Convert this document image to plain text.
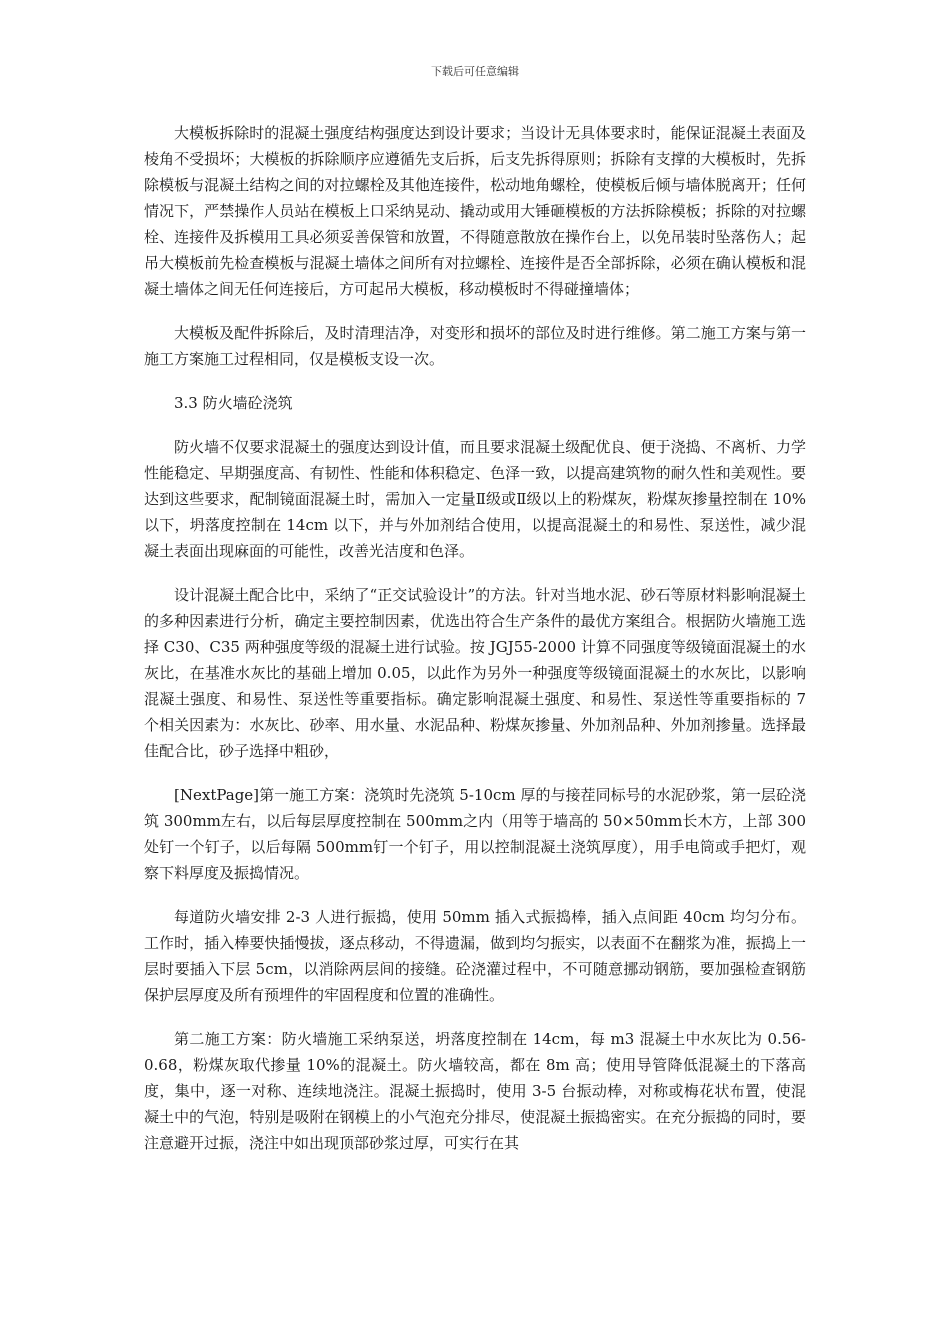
下载后可任意编辑

大模板拆除时的混凝土强度结构强度达到设计要求；当设计无具体要求时，能保证混凝土表面及棱角不受损坏；大模板的拆除顺序应遵循先支后拆，后支先拆得原则；拆除有支撑的大模板时，先拆除模板与混凝土结构之间的对拉螺栓及其他连接件，松动地角螺栓，使模板后倾与墙体脱离开；任何情况下，严禁操作人员站在模板上口采纳晃动、撬动或用大锤砸模板的方法拆除模板；拆除的对拉螺栓、连接件及拆模用工具必须妥善保管和放置，不得随意散放在操作台上，以免吊装时坠落伤人；起吊大模板前先检查模板与混凝土墙体之间所有对拉螺栓、连接件是否全部拆除，必须在确认模板和混凝土墙体之间无任何连接后，方可起吊大模板，移动模板时不得碰撞墙体；

大模板及配件拆除后，及时清理洁净，对变形和损坏的部位及时进行维修。第二施工方案与第一施工方案施工过程相同，仅是模板支设一次。

3.3 防火墙砼浇筑

防火墙不仅要求混凝土的强度达到设计值，而且要求混凝土级配优良、便于浇捣、不离析、力学性能稳定、早期强度高、有韧性、性能和体积稳定、色泽一致，以提高建筑物的耐久性和美观性。要达到这些要求，配制镜面混凝土时，需加入一定量Ⅱ级或Ⅱ级以上的粉煤灰，粉煤灰掺量控制在 10%以下，坍落度控制在 14cm 以下，并与外加剂结合使用，以提高混凝土的和易性、泵送性，减少混凝土表面出现麻面的可能性，改善光洁度和色泽。

设计混凝土配合比中，采纳了“正交试验设计”的方法。针对当地水泥、砂石等原材料影响混凝土的多种因素进行分析，确定主要控制因素，优选出符合生产条件的最优方案组合。根据防火墙施工选择 C30、C35 两种强度等级的混凝土进行试验。按 JGJ55-2000 计算不同强度等级镜面混凝土的水灰比，在基准水灰比的基础上增加 0.05，以此作为另外一种强度等级镜面混凝土的水灰比，以影响混凝土强度、和易性、泵送性等重要指标。确定影响混凝土强度、和易性、泵送性等重要指标的 7 个相关因素为：水灰比、砂率、用水量、水泥品种、粉煤灰掺量、外加剂品种、外加剂掺量。选择最佳配合比，砂子选择中粗砂，

[NextPage]第一施工方案：浇筑时先浇筑 5-10cm 厚的与接茬同标号的水泥砂浆，第一层砼浇筑 300mm左右，以后每层厚度控制在 500mm之内（用等于墙高的 50×50mm长木方，上部 300 处钉一个钉子，以后每隔 500mm钉一个钉子，用以控制混凝土浇筑厚度），用手电筒或手把灯，观察下料厚度及振捣情况。

每道防火墙安排 2-3 人进行振捣，使用 50mm 插入式振捣棒，插入点间距 40cm 均匀分布。工作时，插入棒要快插慢拔，逐点移动，不得遗漏，做到均匀振实，以表面不在翻浆为准，振捣上一层时要插入下层 5cm，以消除两层间的接缝。砼浇灌过程中，不可随意挪动钢筋，要加强检查钢筋保护层厚度及所有预埋件的牢固程度和位置的准确性。

第二施工方案：防火墙施工采纳泵送，坍落度控制在 14cm，每 m3 混凝土中水灰比为 0.56-0.68，粉煤灰取代掺量 10%的混凝土。防火墙较高，都在 8m 高；使用导管降低混凝土的下落高度，集中，逐一对称、连续地浇注。混凝土振捣时，使用 3-5 台振动棒，对称或梅花状布置，使混凝土中的气泡，特别是吸附在钢模上的小气泡充分排尽，使混凝土振捣密实。在充分振捣的同时，要注意避开过振，浇注中如出现顶部砂浆过厚，可实行在其
